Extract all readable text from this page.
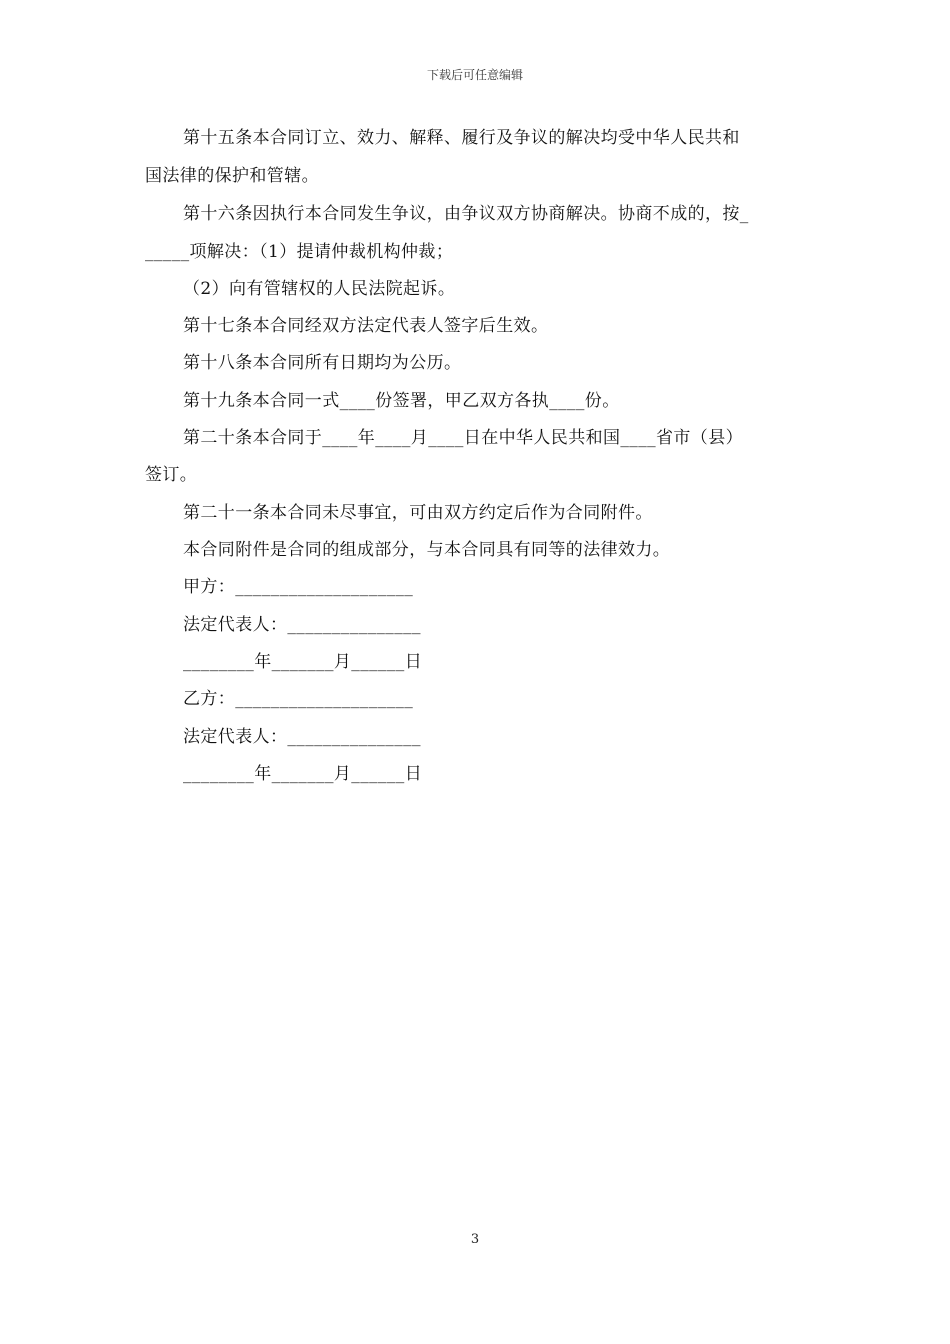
下载后可任意编辑
第十五条本合同订立、效力、解释、履行及争议的解决均受中华人民共和
国法律的保护和管辖。
第十六条因执行本合同发生争议，由争议双方协商解决。协商不成的，按_
_____项解决：（1）提请仲裁机构仲裁；
（2）向有管辖权的人民法院起诉。
第十七条本合同经双方法定代表人签字后生效。
第十八条本合同所有日期均为公历。
第十九条本合同一式____份签署，甲乙双方各执____份。
第二十条本合同于____年____月____日在中华人民共和国____省市（县）
签订。
第二十一条本合同未尽事宜，可由双方约定后作为合同附件。
本合同附件是合同的组成部分，与本合同具有同等的法律效力。
甲方：____________________
法定代表人：_______________
________年_______月______日
乙方：____________________
法定代表人：_______________
________年_______月______日
3
